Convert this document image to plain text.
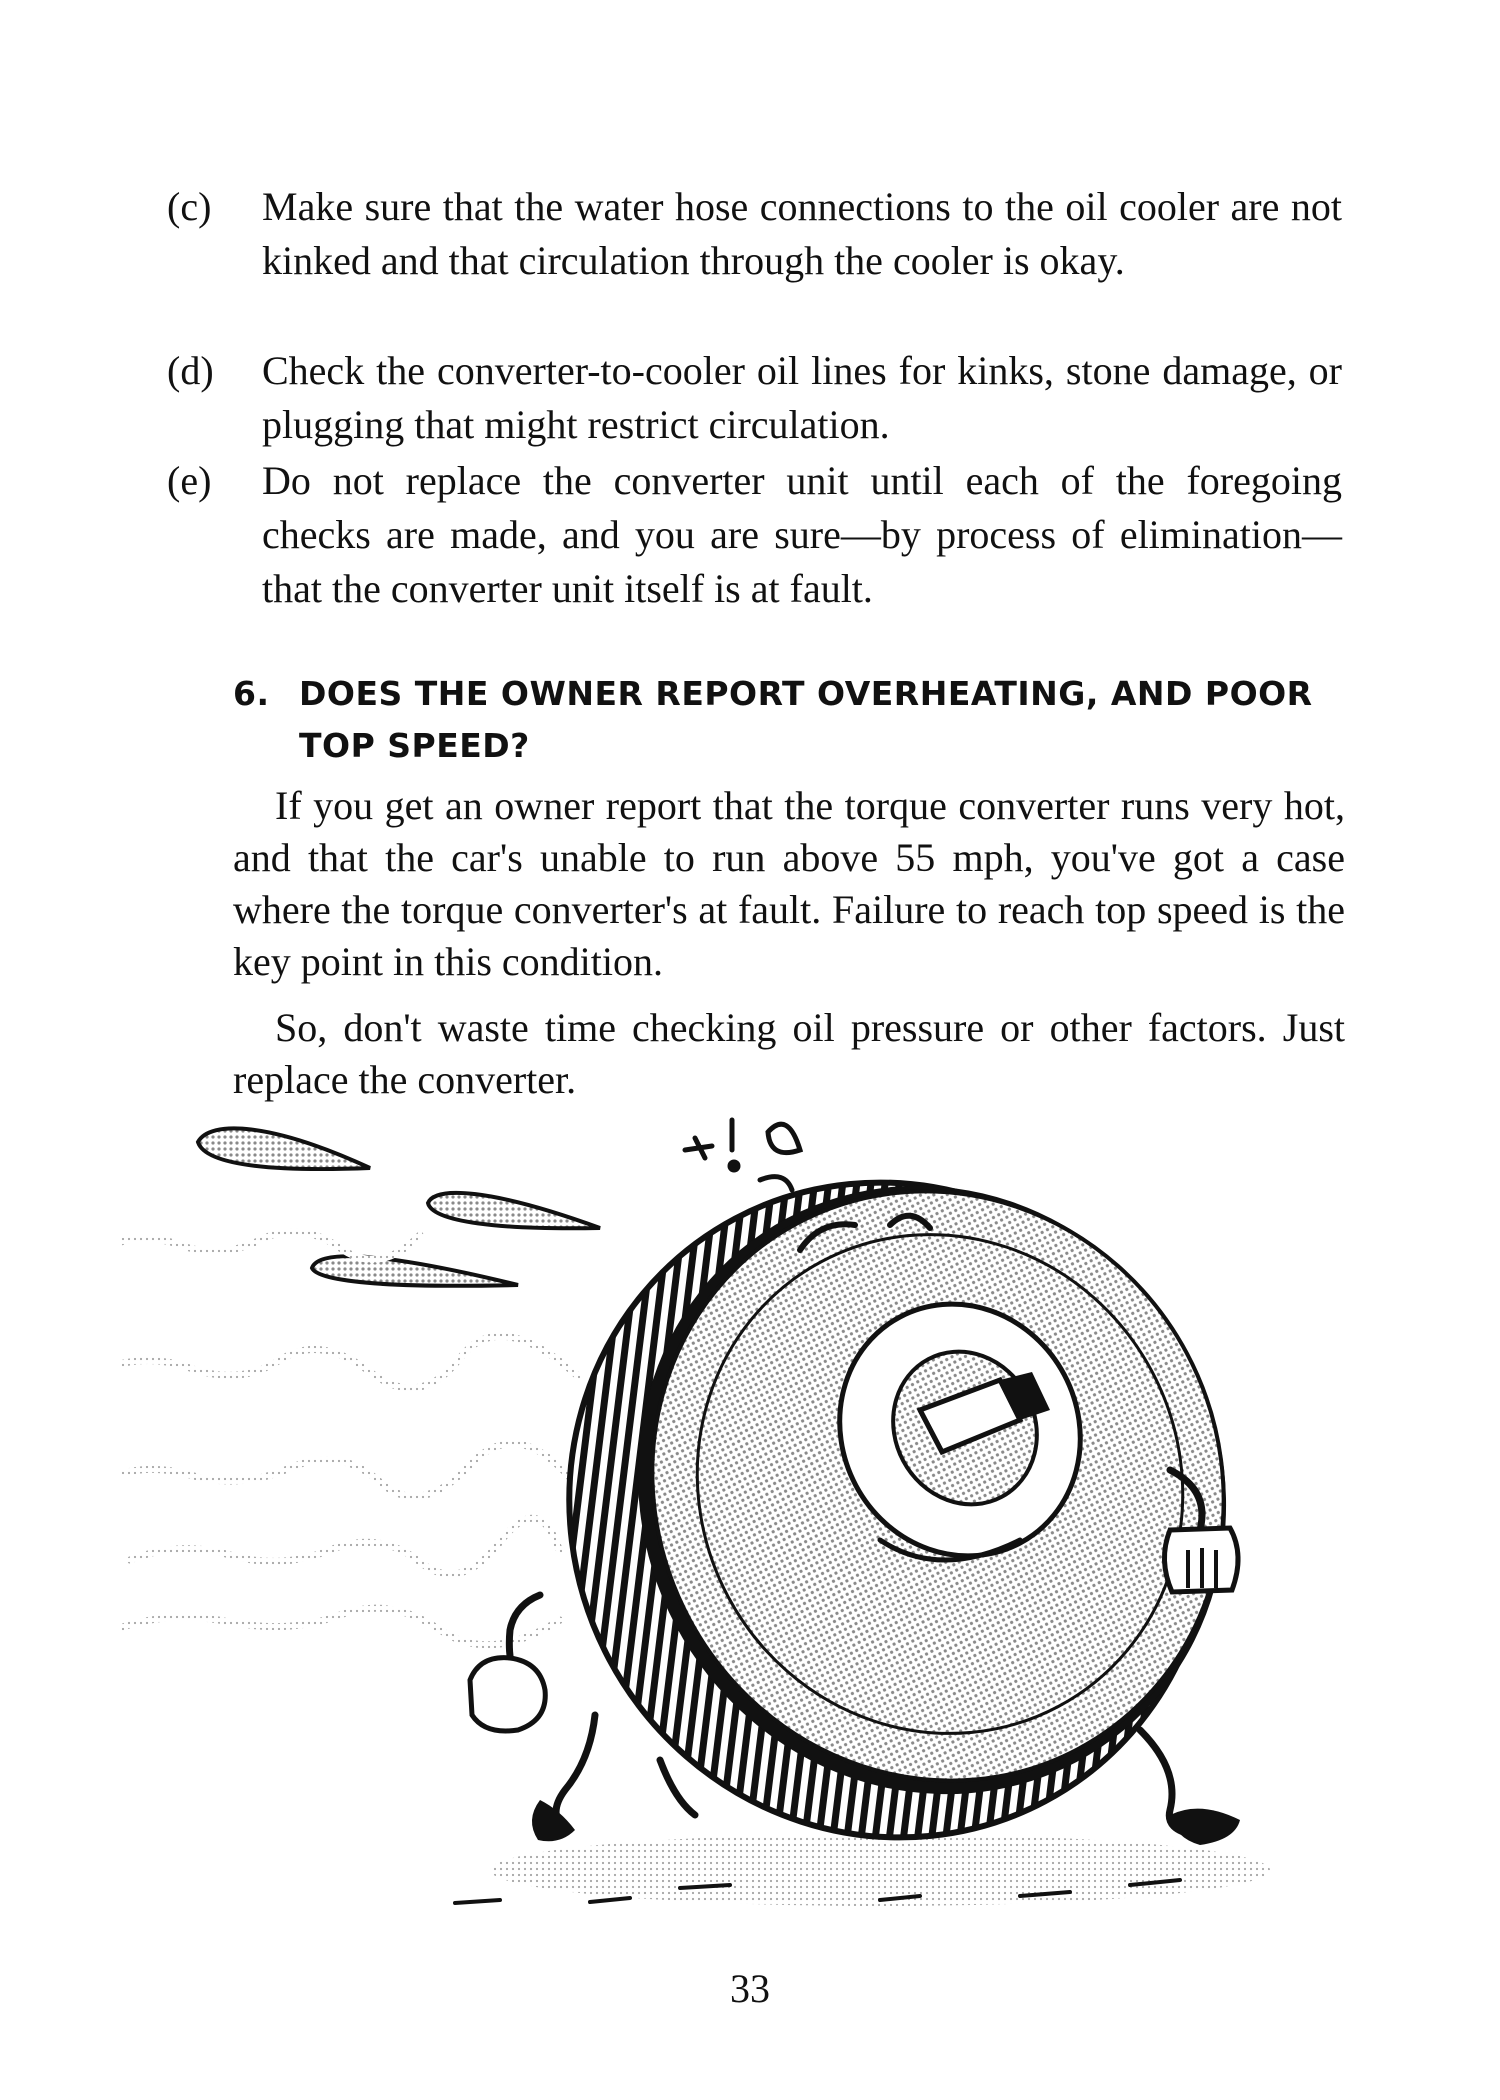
(c)	Make sure that the water hose connections to the oil cooler are not kinked and that circulation through the cooler is okay.
(d)	Check the converter-to-cooler oil lines for kinks, stone damage, or plugging that might restrict circulation.
(e)	Do not replace the converter unit until each of the foregoing checks are made, and you are sure—by process of elimination—that the converter unit itself is at fault.
6. DOES THE OWNER REPORT OVERHEATING, AND POOR TOP SPEED?

If you get an owner report that the torque converter runs very hot, and that the car's unable to run above 55 mph, you've got a case where the torque converter's at fault. Failure to reach top speed is the key point in this condition.

So, don't waste time checking oil pressure or other factors. Just replace the converter.

33
